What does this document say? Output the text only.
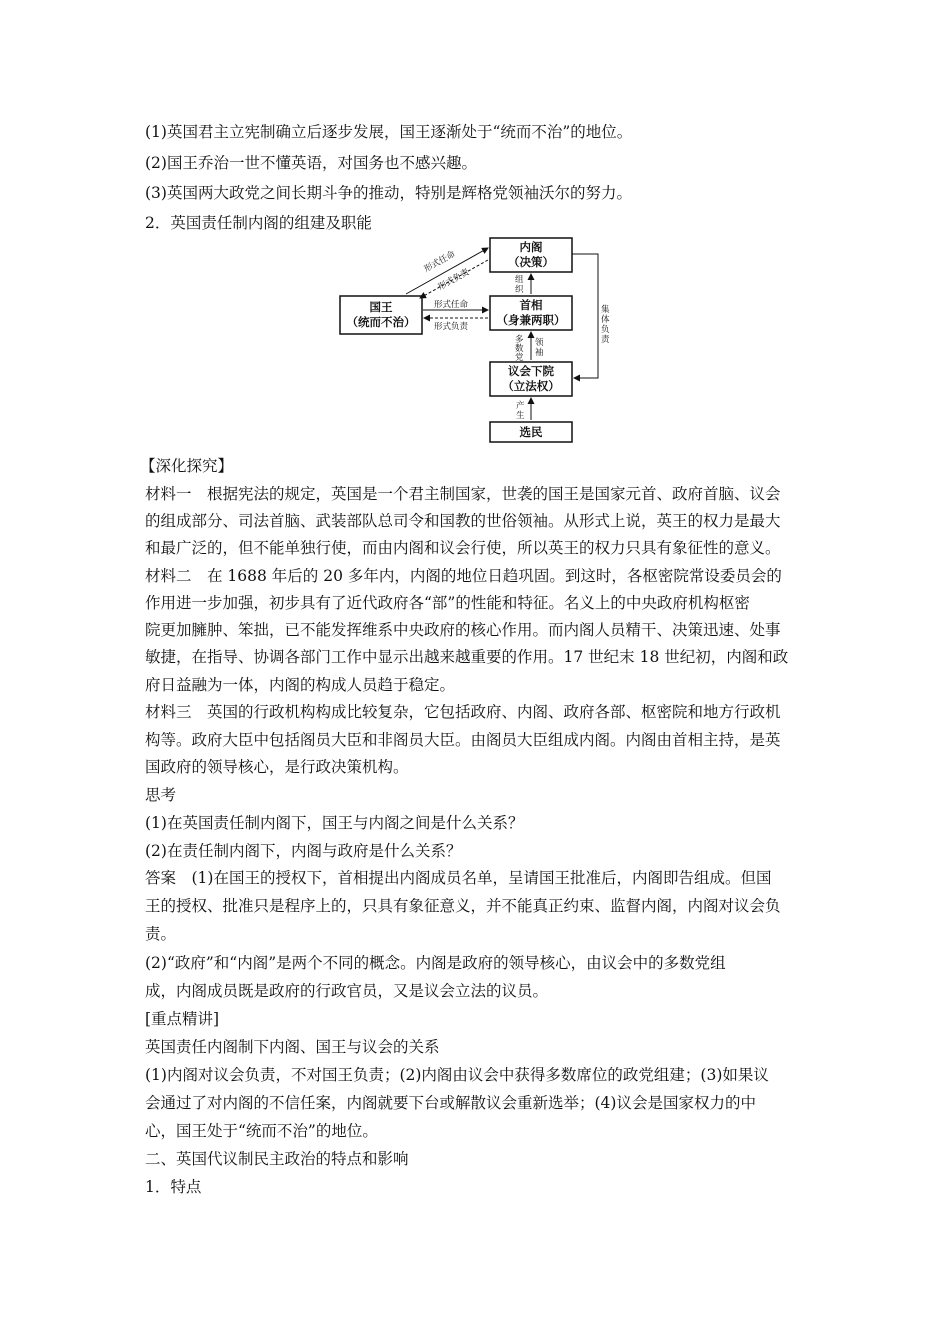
(1)英国君主立宪制确立后逐步发展，国王逐渐处于“统而不治”的地位。
(2)国王乔治一世不懂英语，对国务也不感兴趣。
(3)英国两大政党之间长期斗争的推动，特别是辉格党领袖沃尔的努力。
2．英国责任制内阁的组建及职能
内阁
（决策）
首相
（身兼两职）
国王
（统而不治）
议会下院
（立法权）
选民
形式任命
形式负责
形式任命
形式负责
组
织
多
数
党
领
袖
产
生
集
体
负
责
【深化探究】
材料一　根据宪法的规定，英国是一个君主制国家，世袭的国王是国家元首、政府首脑、议会
的组成部分、司法首脑、武装部队总司令和国教的世俗领袖。从形式上说，英王的权力是最大
和最广泛的，但不能单独行使，而由内阁和议会行使，所以英王的权力只具有象征性的意义。
材料二　在 1688 年后的 20 多年内，内阁的地位日趋巩固。到这时，各枢密院常设委员会的
作用进一步加强，初步具有了近代政府各“部”的性能和特征。名义上的中央政府机构枢密
院更加臃肿、笨拙，已不能发挥维系中央政府的核心作用。而内阁人员精干、决策迅速、处事
敏捷，在指导、协调各部门工作中显示出越来越重要的作用。17 世纪末 18 世纪初，内阁和政
府日益融为一体，内阁的构成人员趋于稳定。
材料三　英国的行政机构构成比较复杂，它包括政府、内阁、政府各部、枢密院和地方行政机
构等。政府大臣中包括阁员大臣和非阁员大臣。由阁员大臣组成内阁。内阁由首相主持，是英
国政府的领导核心，是行政决策机构。
思考
(1)在英国责任制内阁下，国王与内阁之间是什么关系？
(2)在责任制内阁下，内阁与政府是什么关系？
答案　(1)在国王的授权下，首相提出内阁成员名单，呈请国王批准后，内阁即告组成。但国
王的授权、批准只是程序上的，只具有象征意义，并不能真正约束、监督内阁，内阁对议会负
责。
(2)“政府”和“内阁”是两个不同的概念。内阁是政府的领导核心，由议会中的多数党组
成，内阁成员既是政府的行政官员，又是议会立法的议员。
[重点精讲]
英国责任内阁制下内阁、国王与议会的关系
(1)内阁对议会负责，不对国王负责；(2)内阁由议会中获得多数席位的政党组建；(3)如果议
会通过了对内阁的不信任案，内阁就要下台或解散议会重新选举；(4)议会是国家权力的中
心，国王处于“统而不治”的地位。
二、英国代议制民主政治的特点和影响
1．特点
